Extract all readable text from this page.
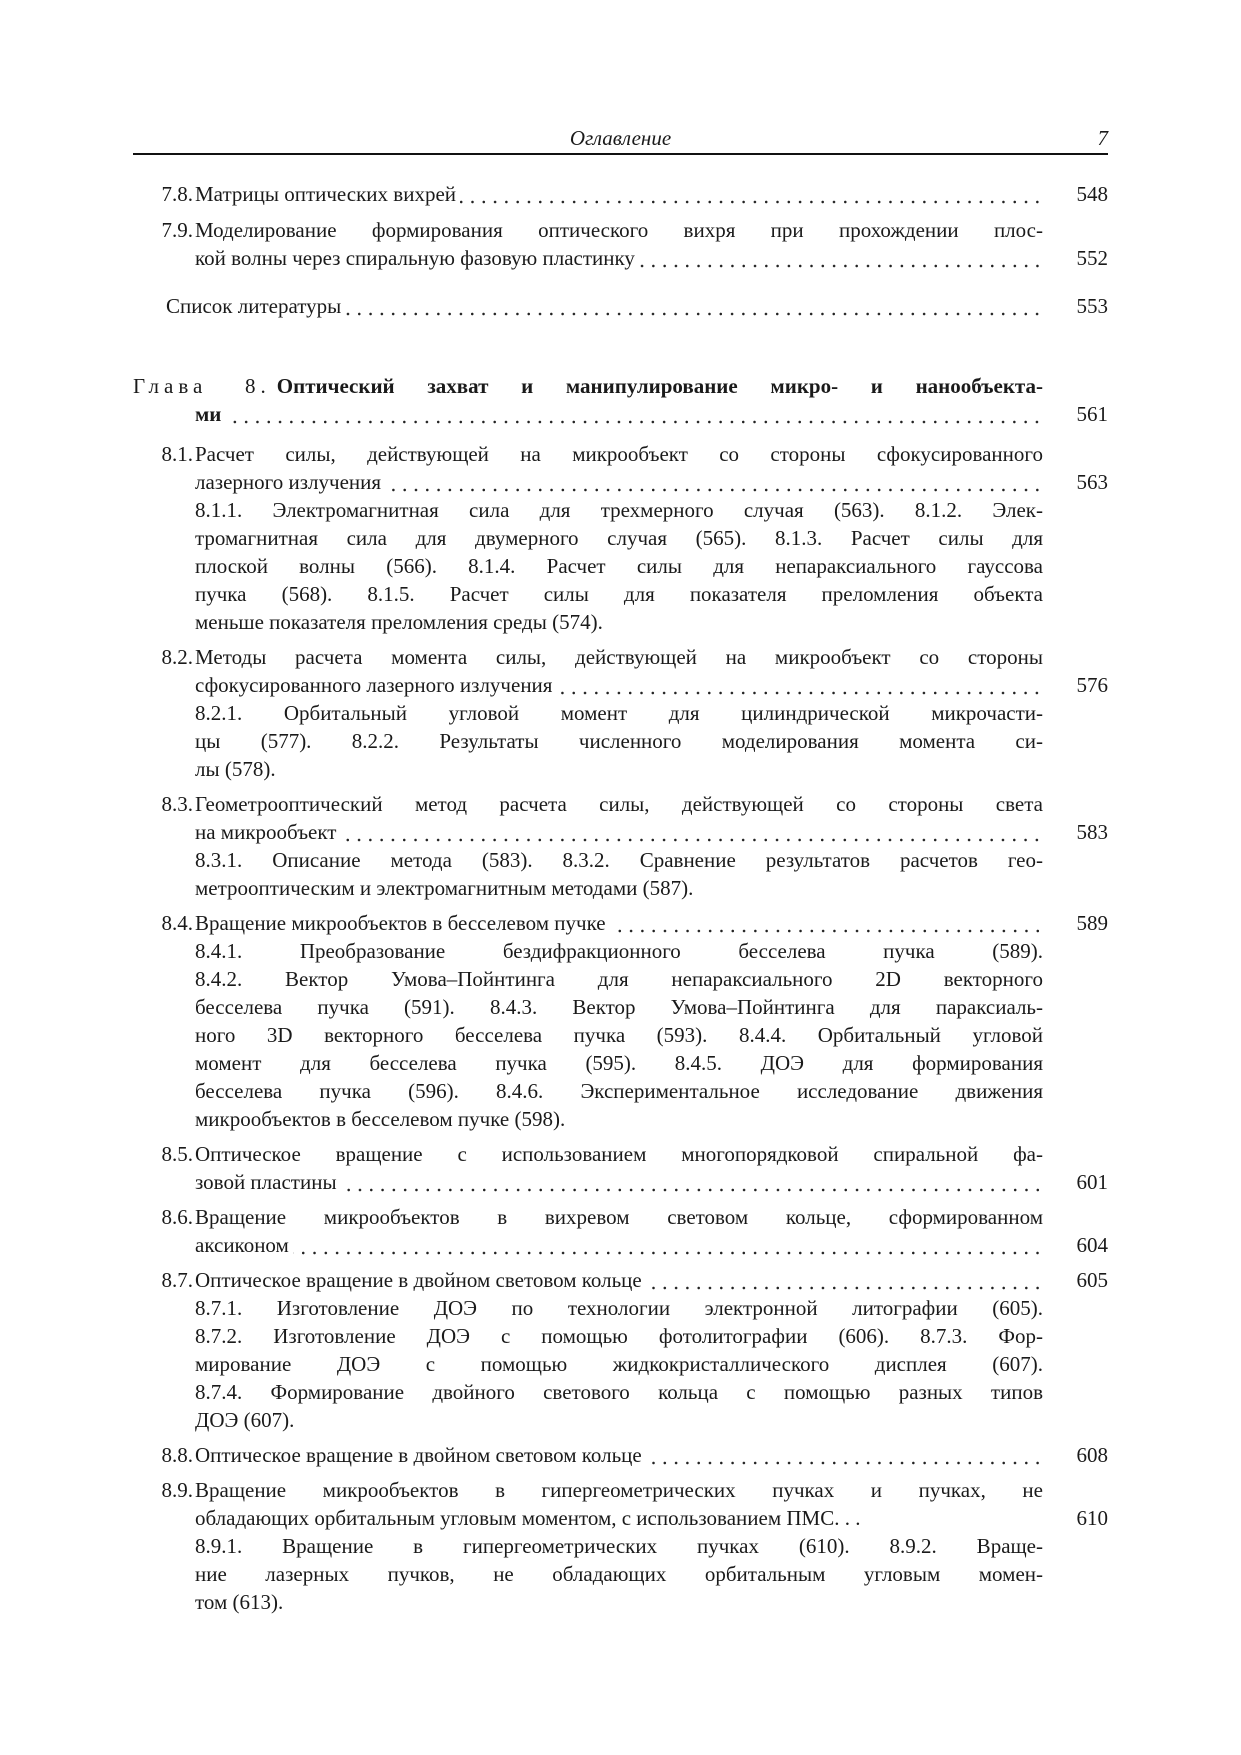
Оглавление	7
7.8. Матрицы оптических вихрей	548
7.9. Моделирование формирования оптического вихря при прохождении плос-
кой волны через спиральную фазовую пластинку	552
Список литературы	553
Глава 8. Оптический захват и манипулирование микро- и нанообъекта-
ми	561
8.1. Расчет силы, действующей на микрообъект со стороны сфокусированного
лазерного излучения	563
8.1.1. Электромагнитная сила для трехмерного случая (563). 8.1.2. Элек-
тромагнитная сила для двумерного случая (565). 8.1.3. Расчет силы для
плоской волны (566). 8.1.4. Расчет силы для непараксиального гауссова
пучка (568). 8.1.5. Расчет силы для показателя преломления объекта
меньше показателя преломления среды (574).
8.2. Методы расчета момента силы, действующей на микрообъект со стороны
сфокусированного лазерного излучения	576
8.2.1. Орбитальный угловой момент для цилиндрической микрочасти-
цы (577). 8.2.2. Результаты численного моделирования момента си-
лы (578).
8.3. Геометрооптический метод расчета силы, действующей со стороны света
на микрообъект	583
8.3.1. Описание метода (583). 8.3.2. Сравнение результатов расчетов гео-
метрооптическим и электромагнитным методами (587).
8.4. Вращение микрообъектов в бесселевом пучке	589
8.4.1. Преобразование бездифракционного бесселева пучка (589).
8.4.2. Вектор Умова–Пойнтинга для непараксиального 2D векторного
бесселева пучка (591). 8.4.3. Вектор Умова–Пойнтинга для параксиаль-
ного 3D векторного бесселева пучка (593). 8.4.4. Орбитальный угловой
момент для бесселева пучка (595). 8.4.5. ДОЭ для формирования
бесселева пучка (596). 8.4.6. Экспериментальное исследование движения
микрообъектов в бесселевом пучке (598).
8.5. Оптическое вращение с использованием многопорядковой спиральной фа-
зовой пластины	601
8.6. Вращение микрообъектов в вихревом световом кольце, сформированном
аксиконом	604
8.7. Оптическое вращение в двойном световом кольце	605
8.7.1. Изготовление ДОЭ по технологии электронной литографии (605).
8.7.2. Изготовление ДОЭ с помощью фотолитографии (606). 8.7.3. Фор-
мирование ДОЭ с помощью жидкокристаллического дисплея (607).
8.7.4. Формирование двойного светового кольца с помощью разных типов
ДОЭ (607).
8.8. Оптическое вращение в двойном световом кольце	608
8.9. Вращение микрообъектов в гипергеометрических пучках и пучках, не
обладающих орбитальным угловым моментом, с использованием ПМС. . .	610
8.9.1. Вращение в гипергеометрических пучках (610). 8.9.2. Враще-
ние лазерных пучков, не обладающих орбитальным угловым момен-
том (613).
